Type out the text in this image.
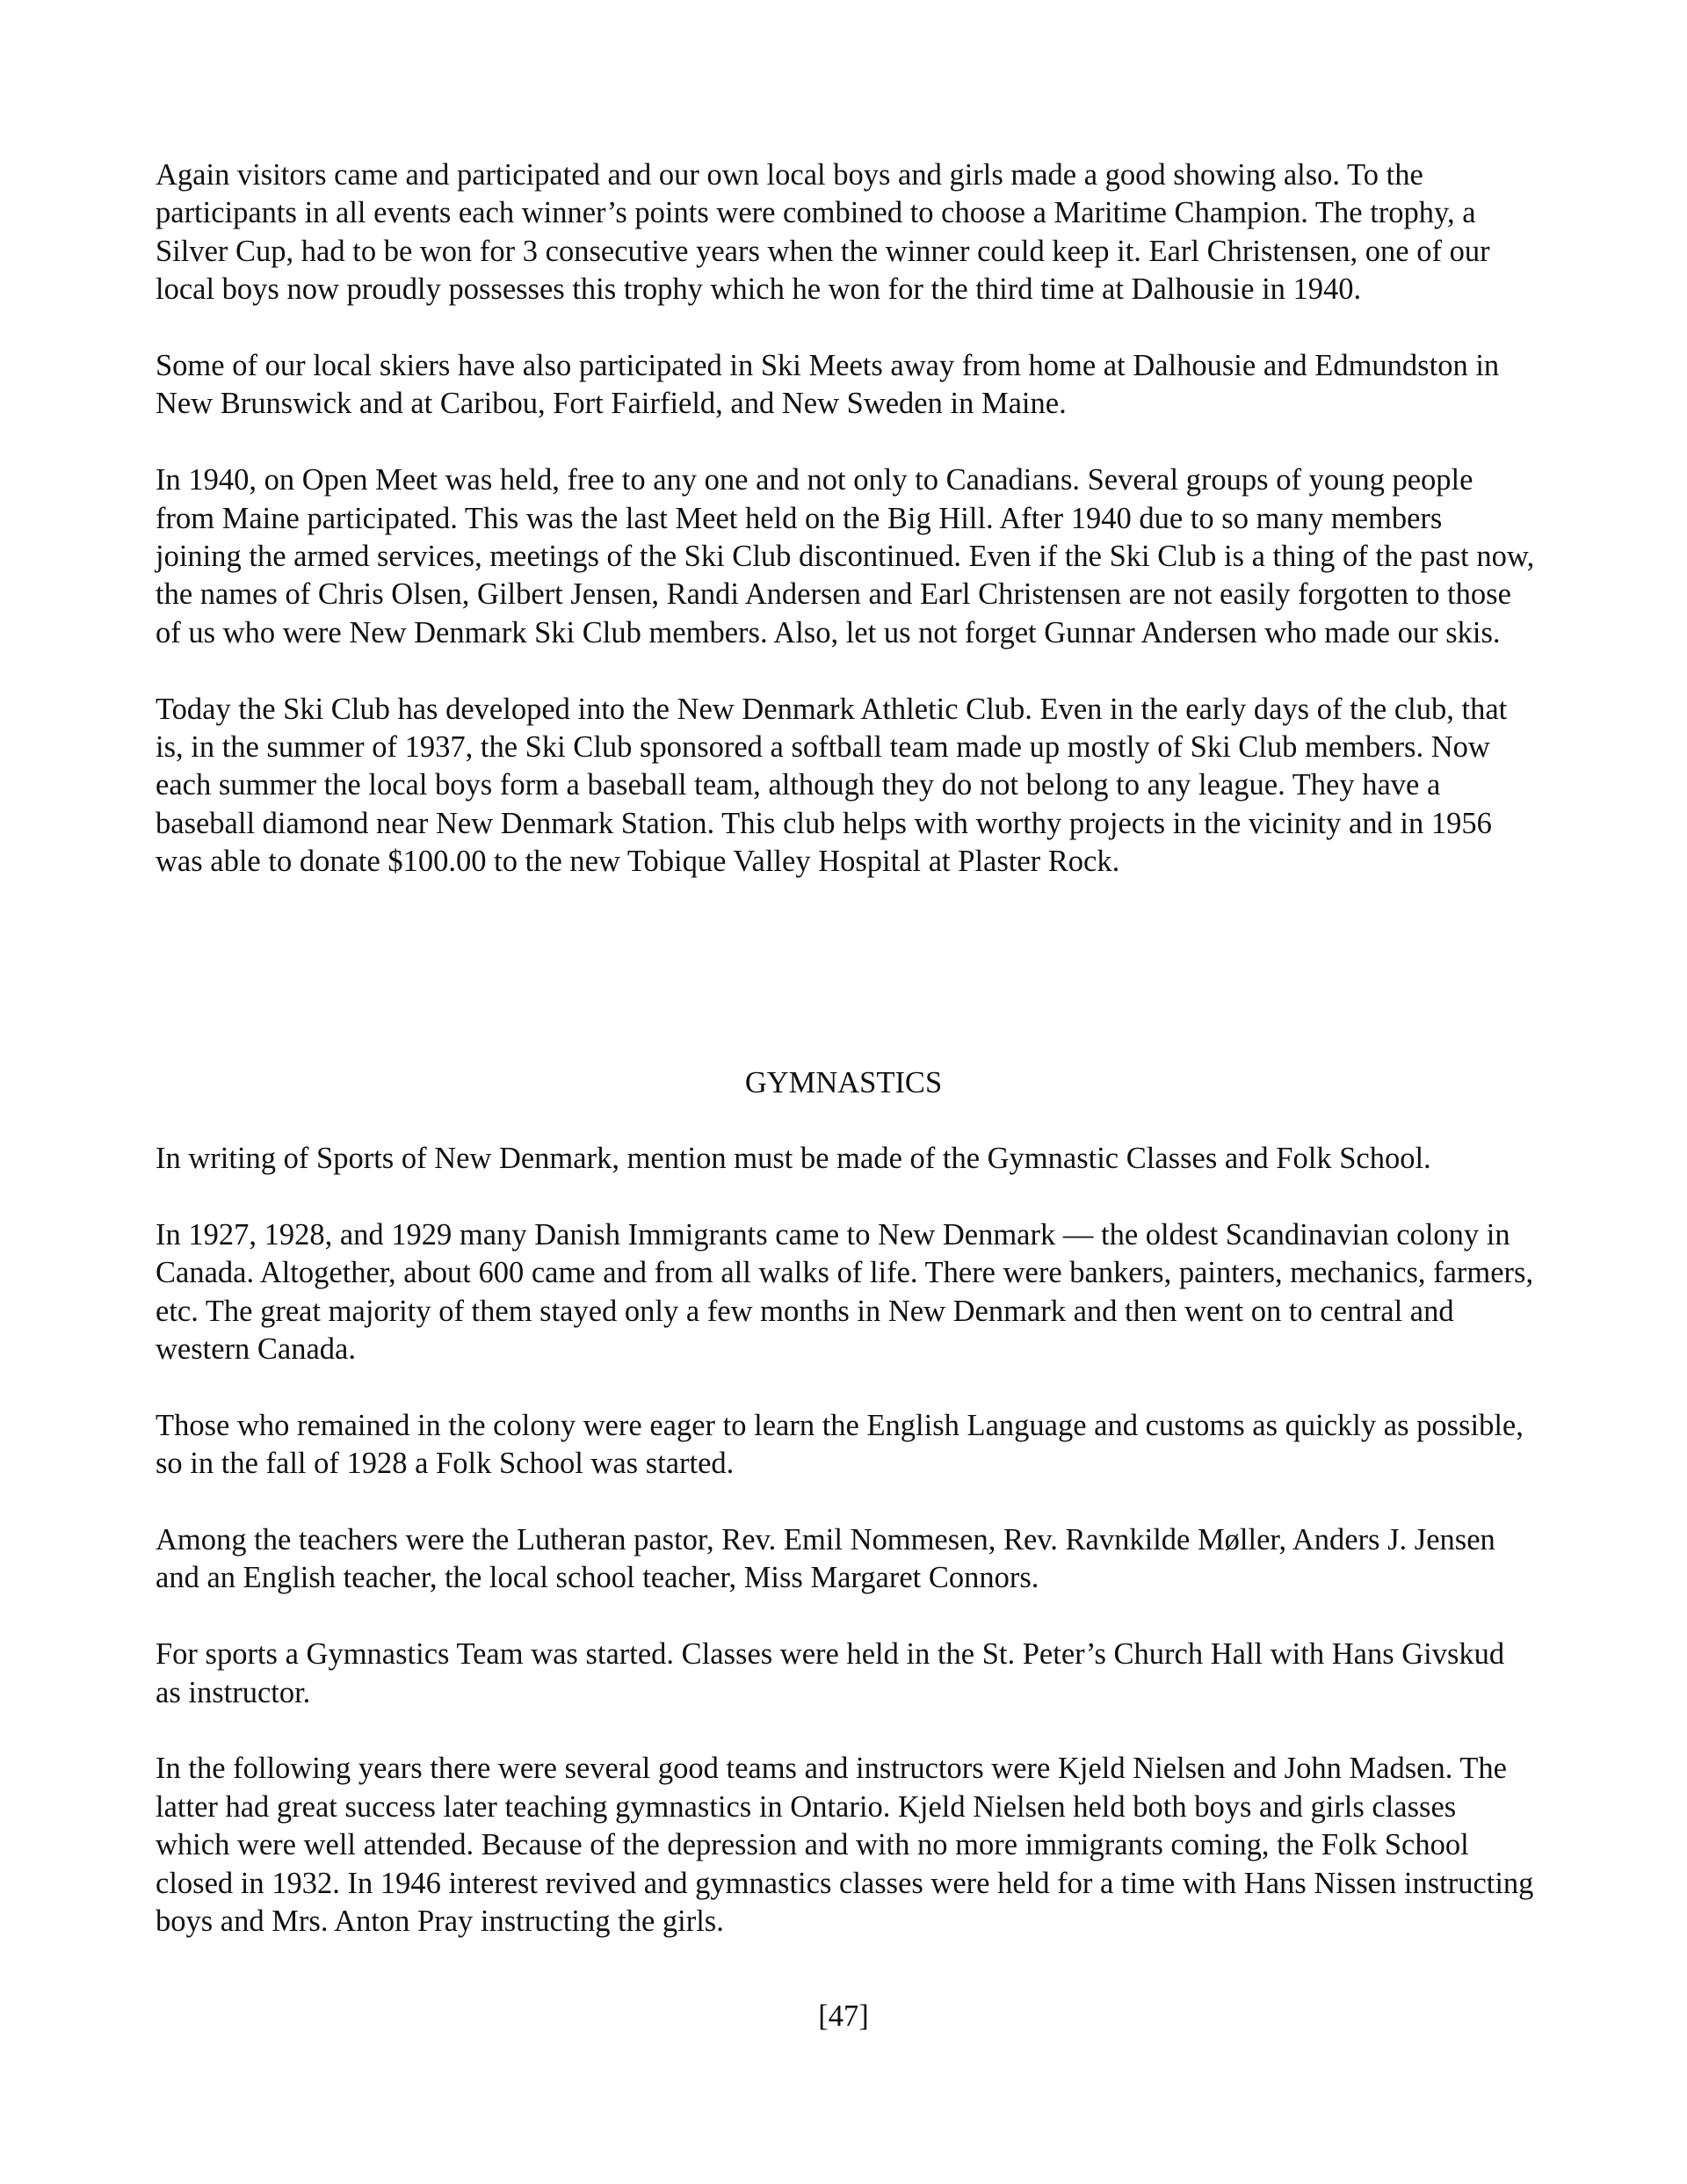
Again visitors came and participated and our own local boys and girls made a good showing also. To the participants in all events each winner’s points were combined to choose a Maritime Champion. The trophy, a Silver Cup, had to be won for 3 consecutive years when the winner could keep it. Earl Christensen, one of our local boys now proudly possesses this trophy which he won for the third time at Dalhousie in 1940.

Some of our local skiers have also participated in Ski Meets away from home at Dalhousie and Edmundston in New Brunswick and at Caribou, Fort Fairfield, and New Sweden in Maine.

In 1940, on Open Meet was held, free to any one and not only to Canadians. Several groups of young people from Maine participated. This was the last Meet held on the Big Hill. After 1940 due to so many members joining the armed services, meetings of the Ski Club discontinued. Even if the Ski Club is a thing of the past now, the names of Chris Olsen, Gilbert Jensen, Randi Andersen and Earl Christensen are not easily forgotten to those of us who were New Denmark Ski Club members. Also, let us not forget Gunnar Andersen who made our skis.

Today the Ski Club has developed into the New Denmark Athletic Club. Even in the early days of the club, that is, in the summer of 1937, the Ski Club sponsored a softball team made up mostly of Ski Club members. Now each summer the local boys form a baseball team, although they do not belong to any league. They have a baseball diamond near New Denmark Station. This club helps with worthy projects in the vicinity and in 1956 was able to donate $100.00 to the new Tobique Valley Hospital at Plaster Rock.

GYMNASTICS

In writing of Sports of New Denmark, mention must be made of the Gymnastic Classes and Folk School.

In 1927, 1928, and 1929 many Danish Immigrants came to New Denmark — the oldest Scandinavian colony in Canada. Altogether, about 600 came and from all walks of life. There were bankers, painters, mechanics, farmers, etc. The great majority of them stayed only a few months in New Denmark and then went on to central and western Canada.

Those who remained in the colony were eager to learn the English Language and customs as quickly as possible, so in the fall of 1928 a Folk School was started.

Among the teachers were the Lutheran pastor, Rev. Emil Nommesen, Rev. Ravnkilde Møller, Anders J. Jensen and an English teacher, the local school teacher, Miss Margaret Connors.

For sports a Gymnastics Team was started. Classes were held in the St. Peter’s Church Hall with Hans Givskud as instructor.

In the following years there were several good teams and instructors were Kjeld Nielsen and John Madsen. The latter had great success later teaching gymnastics in Ontario. Kjeld Nielsen held both boys and girls classes which were well attended. Because of the depression and with no more immigrants coming, the Folk School closed in 1932. In 1946 interest revived and gymnastics classes were held for a time with Hans Nissen instructing boys and Mrs. Anton Pray instructing the girls.

[47]
